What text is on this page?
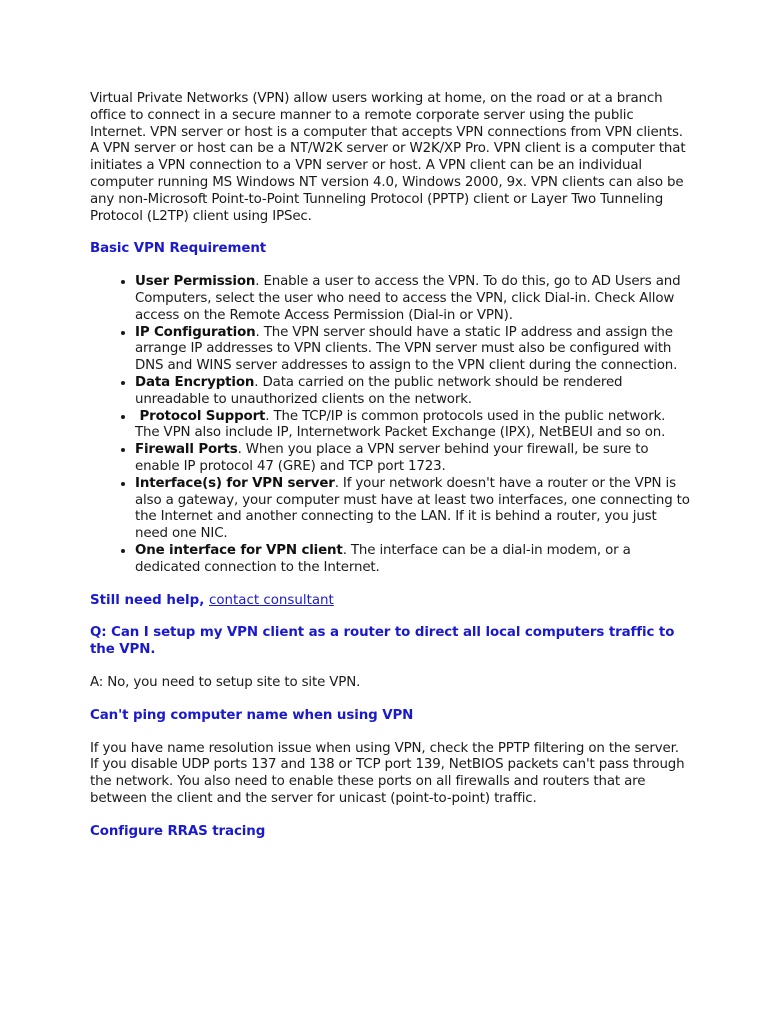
Virtual Private Networks (VPN) allow users working at home, on the road or at a branch office to connect in a secure manner to a remote corporate server using the public Internet. VPN server or host is a computer that accepts VPN connections from VPN clients. A VPN server or host can be a NT/W2K server or W2K/XP Pro. VPN client is a computer that initiates a VPN connection to a VPN server or host. A VPN client can be an individual computer running MS Windows NT version 4.0, Windows 2000, 9x. VPN clients can also be any non-Microsoft Point-to-Point Tunneling Protocol (PPTP) client or Layer Two Tunneling Protocol (L2TP) client using IPSec.

Basic VPN Requirement
• User Permission. Enable a user to access the VPN. To do this, go to AD Users and Computers, select the user who need to access the VPN, click Dial-in. Check Allow access on the Remote Access Permission (Dial-in or VPN).
• IP Configuration. The VPN server should have a static IP address and assign the arrange IP addresses to VPN clients. The VPN server must also be configured with DNS and WINS server addresses to assign to the VPN client during the connection.
• Data Encryption. Data carried on the public network should be rendered unreadable to unauthorized clients on the network.
•  Protocol Support. The TCP/IP is common protocols used in the public network. The VPN also include IP, Internetwork Packet Exchange (IPX), NetBEUI and so on.
• Firewall Ports. When you place a VPN server behind your firewall, be sure to enable IP protocol 47 (GRE) and TCP port 1723.
• Interface(s) for VPN server. If your network doesn't have a router or the VPN is also a gateway, your computer must have at least two interfaces, one connecting to the Internet and another connecting to the LAN. If it is behind a router, you just need one NIC.
• One interface for VPN client. The interface can be a dial-in modem, or a dedicated connection to the Internet.
Still need help, contact consultant
Q: Can I setup my VPN client as a router to direct all local computers traffic to the VPN.

A: No, you need to setup site to site VPN.

Can't ping computer name when using VPN

If you have name resolution issue when using VPN, check the PPTP filtering on the server. If you disable UDP ports 137 and 138 or TCP port 139, NetBIOS packets can't pass through the network. You also need to enable these ports on all firewalls and routers that are between the client and the server for unicast (point-to-point) traffic.

Configure RRAS tracing
